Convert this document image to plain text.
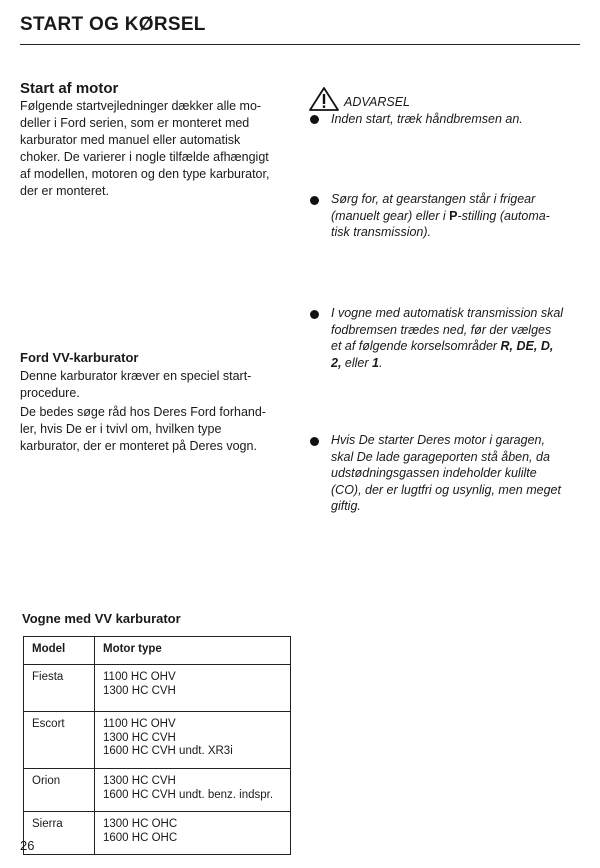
START OG KØRSEL
Start af motor
Følgende startvejledninger dækker alle mo-
deller i Ford serien, som er monteret med
karburator med manuel eller automatisk
choker. De varierer i nogle tilfælde afhængigt
af modellen, motoren og den type karburator,
der er monteret.
Ford VV-karburator
Denne karburator kræver en speciel start-
procedure.
De bedes søge råd hos Deres Ford forhand-
ler, hvis De er i tvivl om, hvilken type
karburator, der er monteret på Deres vogn.
ADVARSEL
Inden start, træk håndbremsen an.
Sørg for, at gearstangen står i frigear
(manuelt gear) eller i P-stilling (automa-
tisk transmission).
I vogne med automatisk transmission skal
fodbremsen trædes ned, før der vælges
et af følgende korselsområder R, DE, D,
2, eller 1.
Hvis De starter Deres motor i garagen,
skal De lade garageporten stå åben, da
udstødningsgassen indeholder kulilte
(CO), der er lugtfri og usynlig, men meget
giftig.
Vogne med VV karburator
Model	Motor type
Fiesta	1100 HC OHV
1300 HC CVH

Escort	1100 HC OHV
1300 HC CVH
1600 HC CVH undt. XR3i

Orion	1300 HC CVH
1600 HC CVH undt. benz. indspr.

Sierra	1300 HC OHC
1600 HC OHC
26
